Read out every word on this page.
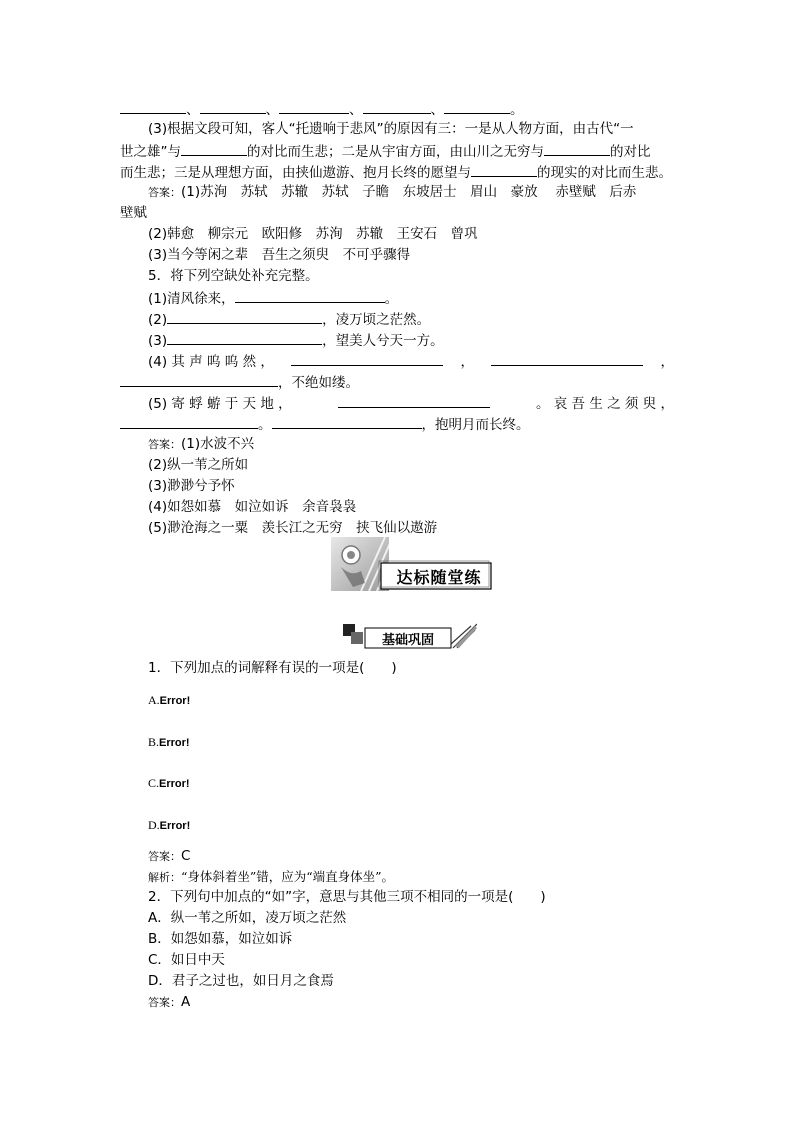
、	、	、	、	。
(3)根据文段可知，客人“托遗响于悲风”的原因有三：一是从人物方面，由古代“一
世之雄”与	的对比而生悲；二是从宇宙方面，由山川之无穷与	的对比
而生悲；三是从理想方面，由挟仙遨游、抱月长终的愿望与	的现实的对比而生悲。
答案：(1)苏洵　苏轼　苏辙　苏轼　子瞻　东坡居士　眉山　豪放　 赤壁赋　后赤
壁赋
(2)韩愈　柳宗元　欧阳修　苏洵　苏辙　王安石　曾巩
(3)当今等闲之辈　吾生之须臾　不可乎骤得
5．将下列空缺处补充完整。
(1)清风徐来，	。
(2)	，凌万顷之茫然。
(3)	，望美人兮天一方。
(4) 其 声 呜 呜 然 ，	，	，
，不绝如缕。
(5) 寄 蜉 蝣 于 天 地 ，	。 哀 吾 生 之 须 臾 ，
。	，抱明月而长终。
答案：(1)水波不兴
(2)纵一苇之所如
(3)渺渺兮予怀
(4)如怨如慕　如泣如诉　余音袅袅
(5)渺沧海之一粟　羡长江之无穷　挟飞仙以遨游
达标随堂练
基础巩固
1．下列加点的词解释有误的一项是(　　)
A.Error!
B.Error!
C.Error!
D.Error!
答案：C
解析：“身体斜着坐”错，应为“端直身体坐”。
2．下列句中加点的“如”字，意思与其他三项不相同的一项是(　　)
A．纵一苇之所如，凌万顷之茫然
B．如怨如慕，如泣如诉
C．如日中天
D．君子之过也，如日月之食焉
答案：A
